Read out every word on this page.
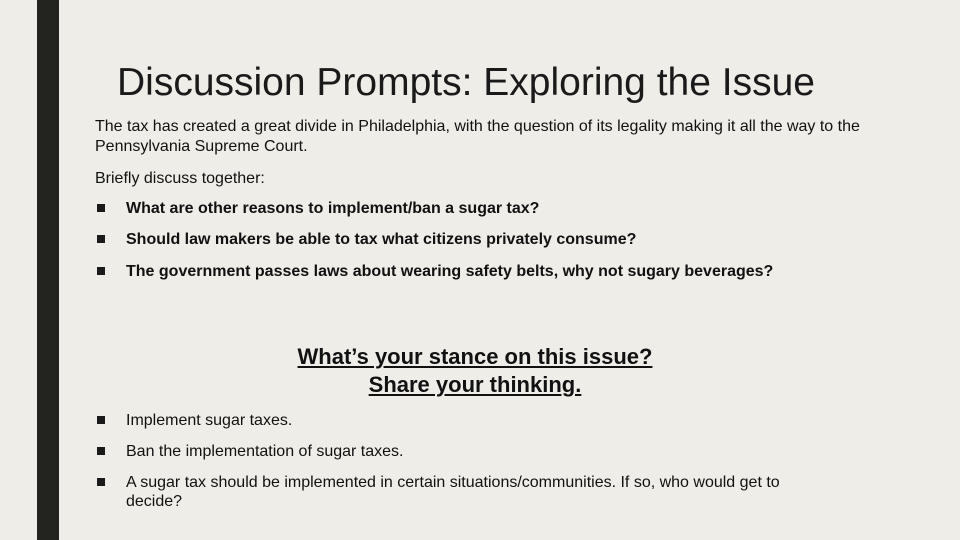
Discussion Prompts: Exploring the Issue

The tax has created a great divide in Philadelphia, with the question of its legality making it all the way to the Pennsylvania Supreme Court.

Briefly discuss together:

What are other reasons to implement/ban a sugar tax?
Should law makers be able to tax what citizens privately consume?
The government passes laws about wearing safety belts, why not sugary beverages?
What’s your stance on this issue?
Share your thinking.
Implement sugar taxes.
Ban the implementation of sugar taxes.
A sugar tax should be implemented in certain situations/communities. If so, who would get to decide?
